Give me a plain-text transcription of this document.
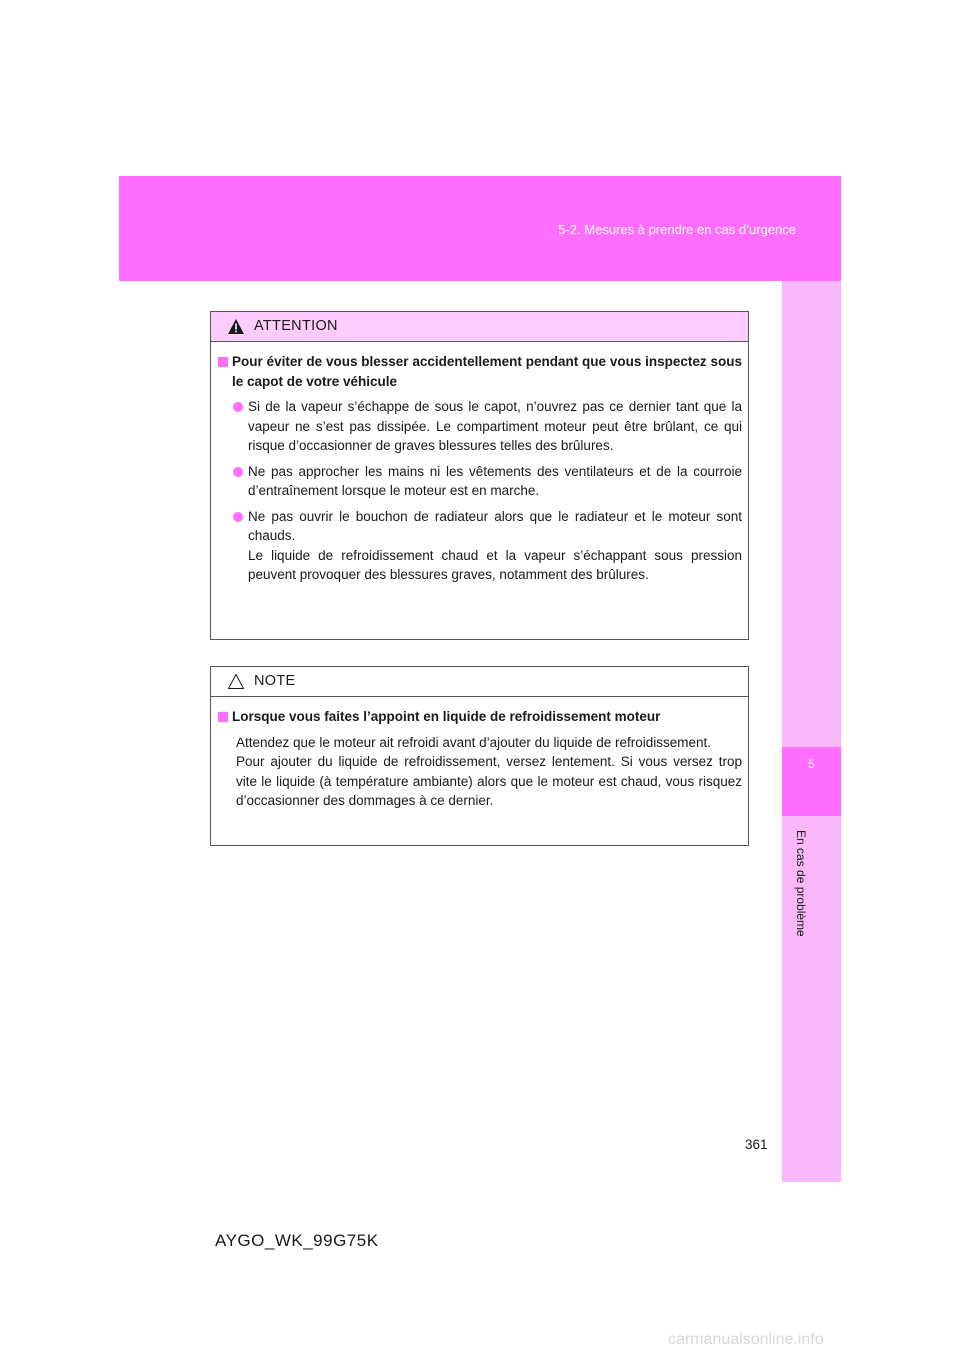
5-2. Mesures à prendre en cas d’urgence
5
En cas de problème
ATTENTION
Pour éviter de vous blesser accidentellement pendant que vous inspectez sous le capot de votre véhicule
Si de la vapeur s’échappe de sous le capot, n’ouvrez pas ce dernier tant que la vapeur ne s’est pas dissipée. Le compartiment moteur peut être brûlant, ce qui risque d’occasionner de graves blessures telles des brûlures.
Ne pas approcher les mains ni les vêtements des ventilateurs et de la courroie d’entraînement lorsque le moteur est en marche.
Ne pas ouvrir le bouchon de radiateur alors que le radiateur et le moteur sont chauds.
Le liquide de refroidissement chaud et la vapeur s’échappant sous pression peuvent provoquer des blessures graves, notamment des brûlures.
NOTE
Lorsque vous faites l’appoint en liquide de refroidissement moteur
Attendez que le moteur ait refroidi avant d’ajouter du liquide de refroidissement.
Pour ajouter du liquide de refroidissement, versez lentement. Si vous versez trop vite le liquide (à température ambiante) alors que le moteur est chaud, vous risquez d’occasionner des dommages à ce dernier.
361
AYGO_WK_99G75K
carmanualsonline.info
